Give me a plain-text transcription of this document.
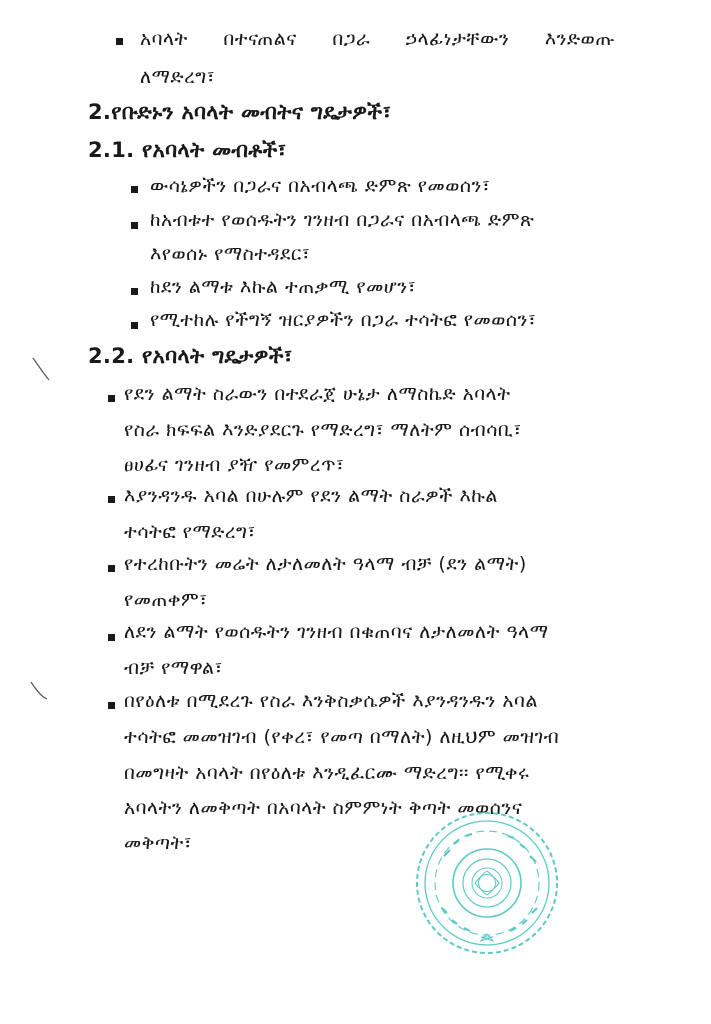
አባላት በተናጠልና በጋራ ኃላፊነታቸውን እንድወጡ
ለማድረግ፣
2.የቡድኑን አባላት መብትና ግዴታዎች፣
2.1. የአባላት መብቶች፣
ውሳኔዎችን በጋራና በአብላጫ ድምጽ የመወሰን፣
ከአብቱተ የወሰዱትን ገንዘብ በጋራና በአብላጫ ድምጽ
እየወሰኑ የማስተዳደር፣
ከደን ልማቱ እኩል ተጠቃሚ የመሆን፣
የሚተከሉ የችግኝ ዝርያዎችን በጋራ ተሳትፎ የመወሰን፣
2.2. የአባላት ግዴታዎች፣
የደን ልማት ስራውን በተደራጀ ሁኔታ ለማስኬድ አባላት
የስራ ክፍፍል እንድያደርጉ የማድረግ፣ ማለትም ሰብሳቢ፣
ፀሀፊና ገንዘብ ያዥ የመምረጥ፣
እያንዳንዱ አባል በሁሉም የደን ልማት ስራዎች እኩል
ተሳትፎ የማድረግ፣
የተረከቡትን መሬት ለታለመለት ዓላማ ብቻ (ደን ልማት)
የመጠቀም፣
ለደን ልማት የወሰዱትን ገንዘብ በቁጠባና ለታለመለት ዓላማ
ብቻ የማዋል፣
በየዕለቱ በሚደረጉ የስራ እንቅስቃሴዎች እያንዳንዱን አባል
ተሳትፎ መመዝገብ (የቀረ፣ የመጣ በማለት) ለዚህም መዝገብ
በመግዛት አባላት በየዕለቱ እንዲፈርሙ ማድረግ፡፡ የሚቀሩ
አባላትን ለመቅጣት በአባላት ስምምነት ቅጣት መወሰንና
መቅጣት፣
